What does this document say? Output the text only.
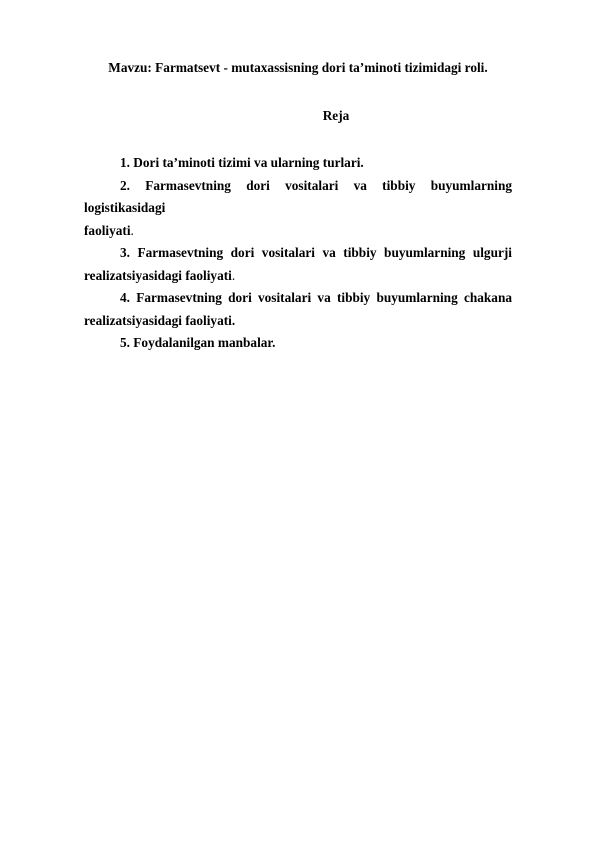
Mavzu: Farmatsevt - mutaxassisning dori ta’minoti tizimidagi roli.
Reja

1. Dori ta’minoti tizimi va ularning turlari.

2. Farmasevtning dori vositalari va tibbiy buyumlarning logistikasidagi
faoliyati.

3. Farmasevtning dori vositalari va tibbiy buyumlarning ulgurji
realizatsiyasidagi faoliyati.

4. Farmasevtning dori vositalari va tibbiy buyumlarning chakana
realizatsiyasidagi faoliyati.

5. Foydalanilgan manbalar.
